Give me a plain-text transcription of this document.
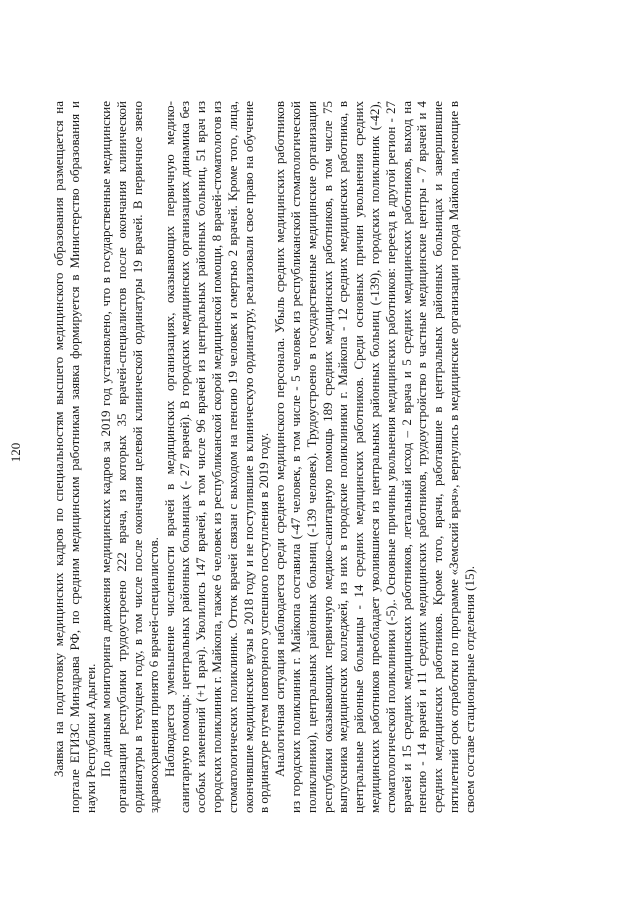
120 Заявка на подготовку медицинских кадров по специальностям высшего медицинского образования размещается на портале ЕГИЗС Минздрава РФ, по средним медицинским работникам заявка формируется в Министерство образования и науки Республики Адыгеи. По данным мониторинга движения медицинских кадров за 2019 год установлено, что в государственные медицинские организации республики трудоустроено 222 врача, из которых 35 врачей-специалистов после окончания клинической ординатуры в текущем году, в том числе после окончания целевой клинической ординатуры 19 врачей. В первичное звено здравоохранения принято 6 врачей-специалистов. Наблюдается уменьшение численности врачей в медицинских организациях, оказывающих первичную медико-санитарную помощь: центральных районных больницах (- 27 врачей). В городских медицинских организациях динамика без особых изменений (+1 врач). Уволились 147 врачей, в том числе 96 врачей из центральных районных больниц, 51 врач из городских поликлиник г. Майкопа, также 6 человек из республиканской скорой медицинской помощи, 8 врачей-стоматологов из стоматологических поликлиник. Отток врачей связан с выходом на пенсию 19 человек и смертью 2 врачей. Кроме того, лица, окончившие медицинские вузы в 2018 году и не поступившие в клиническую ординатуру, реализовали свое право на обучение в ординатуре путем повторного успешного поступления в 2019 году. Аналогичная ситуация наблюдается среди среднего медицинского персонала. Убыль средних медицинских работников из городских поликлиник г. Майкопа составила (-47 человек, в том числе - 5 человек из республиканской стоматологической поликлиники), центральных районных больниц (-139 человек). Трудоустроено в государственные медицинские организации республики оказывающих первичную медико-санитарную помощь 189 средних медицинских работников, в том числе 75 выпускника медицинских колледжей, из них в городские поликлиники г. Майкопа - 12 средних медицинских работника, в центральные районные больницы - 14 средних медицинских работников. Среди основных причин увольнения средних медицинских работников преобладает уволившиеся из центральных районных больниц (-139), городских поликлиник (-42), стоматологической поликлиники (-5),. Основные причины увольнения медицинских работников: переезд в другой регион - 27 врачей и 15 средних медицинских работников, летальный исход – 2 врача и 5 средних медицинских работников, выход на пенсию - 14 врачей и 11 средних медицинских работников, трудоустройство в частные медицинские центры - 7 врачей и 4 средних медицинских работников. Кроме того, врачи, работавшие в центральных районных больницах и завершившие пятилетний срок отработки по программе «Земский врач», вернулись в медицинские организации города Майкопа, имеющие в своем составе стационарные отделения (15).
